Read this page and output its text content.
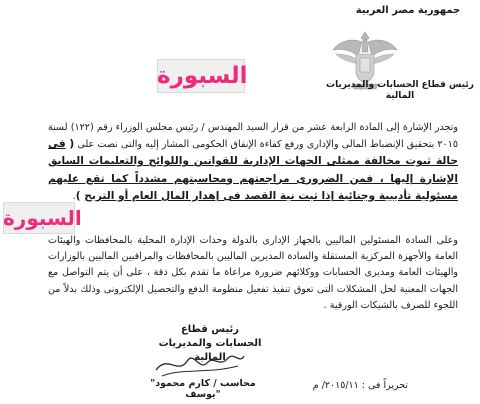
جمهورية مصر العربية
رئيس قطاع الحسابات والمديريات المالية
السبورة
وتجدر الإشارة إلى المادة الرابعة عشر من قرار السيد المهندس / رئيس مجلس الوزراء رقم (١٢٢) لسنة ٢٠١٥ بتحقيق الإنضباط المالى والإدارى ورفع كفاءة الإنفاق الحكومى المشار إليه والتى نصت على ( فى حالة ثبوت مخالفة ممثلى الجهات الإدارية للقوانين واللوائح والتعليمات السابق الإشارة إليها ، فمن الضرورى مراجعتهم ومحاسبتهم مشدداً كما تقع عليهم مسئولية تأديبية وجنائية إذا ثبت نية القصد فى إهدار المال العام أو التربح ).
السبورة
وعلى السادة المسئولين الماليين بالجهاز الإدارى بالدولة وحدات الإدارة المحلية بالمحافظات والهيئات العامة والأجهزة المركزية المستقلة والسادة المديرين الماليين بالمحافظات والمراقبين الماليين بالوزارات والهيئات العامة ومديرى الحسابات ووكلائهم ضرورة مراعاة ما تقدم بكل دقة ، على أن يتم التواصل مع الجهات المعنية لحل المشكلات التى تعوق تنفيذ تفعيل منظومة الدفع والتحصيل الإلكترونى وذلك بدلاً من اللجوء للصرف بالشيكات الورقية .
رئيس قطاع
الحسابات والمديريات المالية
"محاسب / كارم محمود يوسف"
تحريراً فى : ٢٠١٥/١١/ م
